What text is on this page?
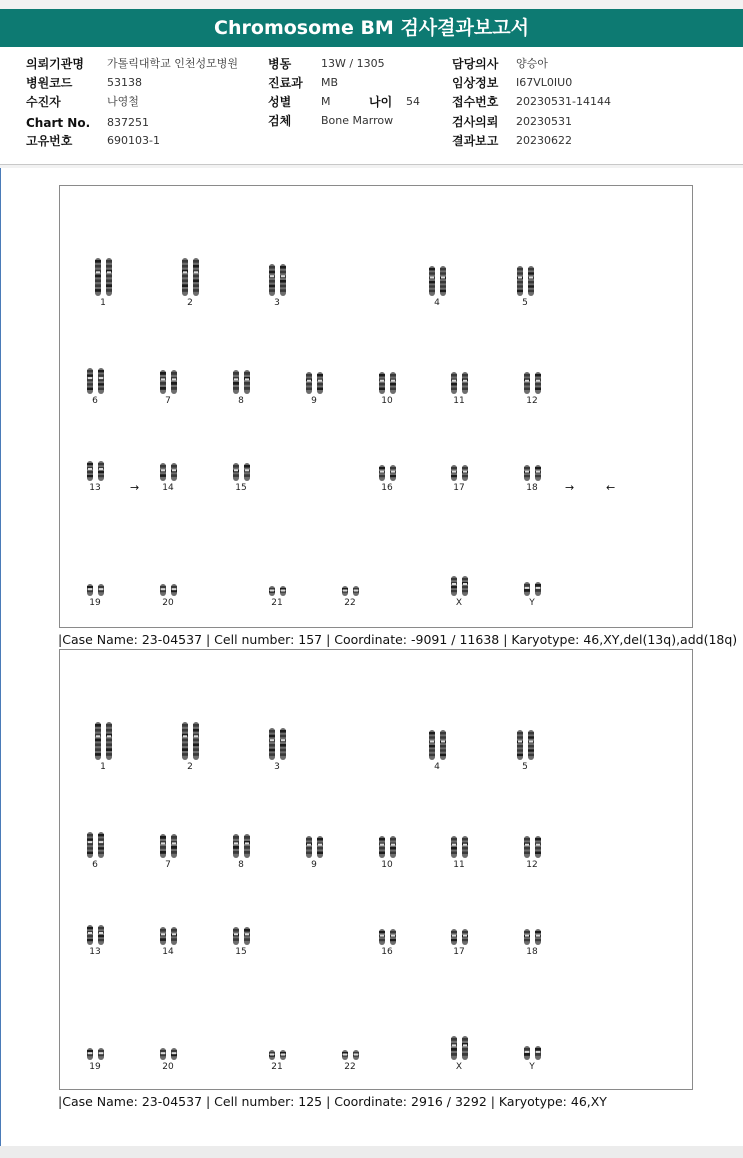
Chromosome BM 검사결과보고서
의뢰기관명 가톨릭대학교 인천성모병원
병원코드	53138
수진자	나영철
Chart No. 837251
고유번호	690103-1
병동	13W / 1305
진료과 MB
성별	M	나이 54
검체	Bone Marrow
담당의사 양승아
임상정보 I67VL0IU0
접수번호 20230531-14144
검사의뢰 20230531
결과보고 20230622
1	2	3	4	5
6	7	8	9	10	11	12
13	14	15	16	17	18
19	20	21	22	X	Y
→	→	←
|Case Name: 23-04537 | Cell number: 157 | Coordinate: -9091 / 11638 | Karyotype: 46,XY,del(13q),add(18q)
1	2	3	4	5
6	7	8	9	10	11	12
13	14	15	16	17	18
19	20	21	22	X	Y
|Case Name: 23-04537 | Cell number: 125 | Coordinate: 2916 / 3292 | Karyotype: 46,XY
